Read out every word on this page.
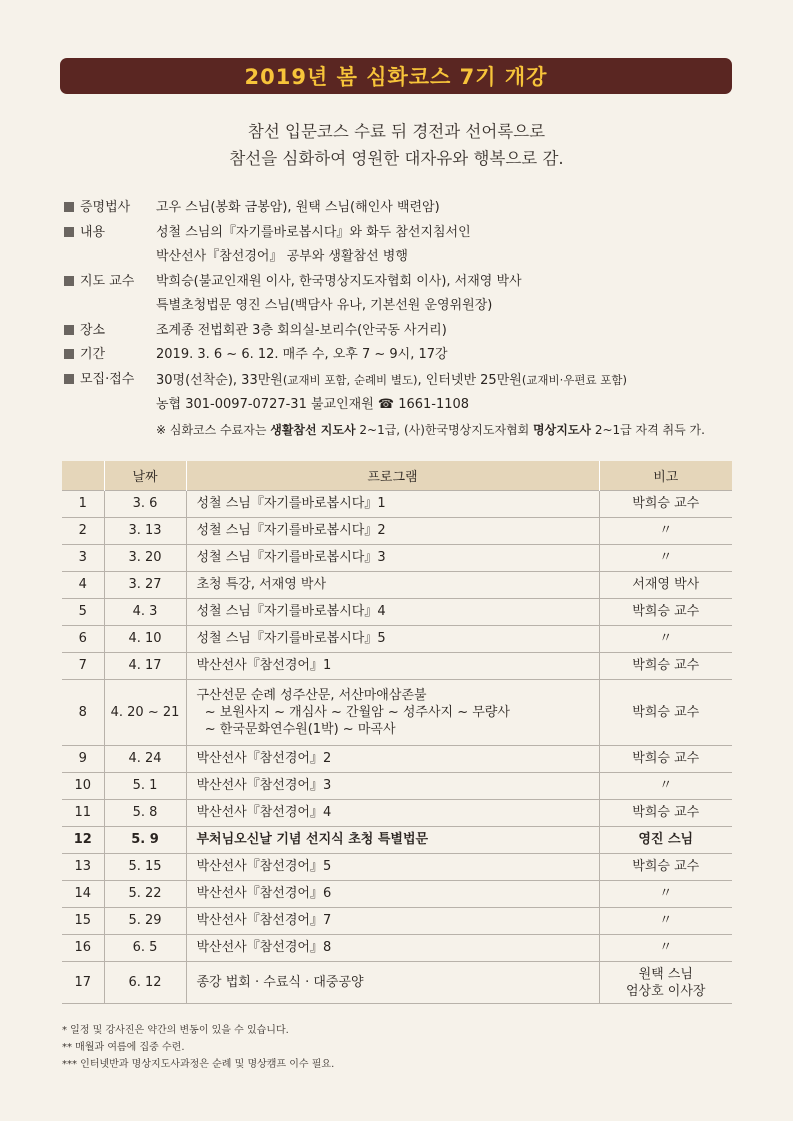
2019년 봄 심화코스 7기 개강
참선 입문코스 수료 뒤 경전과 선어록으로
참선을 심화하여 영원한 대자유와 행복으로 감.
증명법사	고우 스님(봉화 금봉암), 원택 스님(해인사 백련암)
내용	성철 스님의『자기를바로봅시다』와 화두 참선지침서인
박산선사『참선경어』 공부와 생활참선 병행
지도 교수	박희승(불교인재원 이사, 한국명상지도자협회 이사), 서재영 박사
특별초청법문 영진 스님(백담사 유나, 기본선원 운영위원장)
장소	조계종 전법회관 3층 회의실-보리수(안국동 사거리)
기간	2019. 3. 6 ~ 6. 12. 매주 수, 오후 7 ~ 9시, 17강
모집·접수	30명(선착순), 33만원(교재비 포함, 순례비 별도), 인터넷반 25만원(교재비·우편료 포함)
농협 301-0097-0727-31 불교인재원 ☎ 1661-1108
※ 심화코스 수료자는 생활참선 지도사 2~1급, (사)한국명상지도자협회 명상지도사 2~1급 자격 취득 가.
	날짜	프로그램	비고
1	3. 6	성철 스님『자기를바로봅시다』1	박희승 교수

2	3. 13	성철 스님『자기를바로봅시다』2	〃

3	3. 20	성철 스님『자기를바로봅시다』3	〃

4	3. 27	초청 특강, 서재영 박사	서재영 박사

5	4. 3	성철 스님『자기를바로봅시다』4	박희승 교수

6	4. 10	성철 스님『자기를바로봅시다』5	〃

7	4. 17	박산선사『참선경어』1	박희승 교수

8	4. 20 ~ 21	구산선문 순례 성주산문, 서산마애삼존불
~ 보원사지 ~ 개심사 ~ 간월암 ~ 성주사지 ~ 무량사
~ 한국문화연수원(1박) ~ 마곡사	박희승 교수

9	4. 24	박산선사『참선경어』2	박희승 교수

10	5. 1	박산선사『참선경어』3	〃

11	5. 8	박산선사『참선경어』4	박희승 교수

12	5. 9	부처님오신날 기념 선지식 초청 특별법문	영진 스님

13	5. 15	박산선사『참선경어』5	박희승 교수

14	5. 22	박산선사『참선경어』6	〃

15	5. 29	박산선사『참선경어』7	〃

16	6. 5	박산선사『참선경어』8	〃

17	6. 12	종강 법회 · 수료식 · 대중공양	원택 스님
엄상호 이사장
* 일정 및 강사진은 약간의 변동이 있을 수 있습니다.
** 매월과 여름에 집중 수련.
*** 인터넷반과 명상지도사과정은 순례 및 명상캠프 이수 필요.
